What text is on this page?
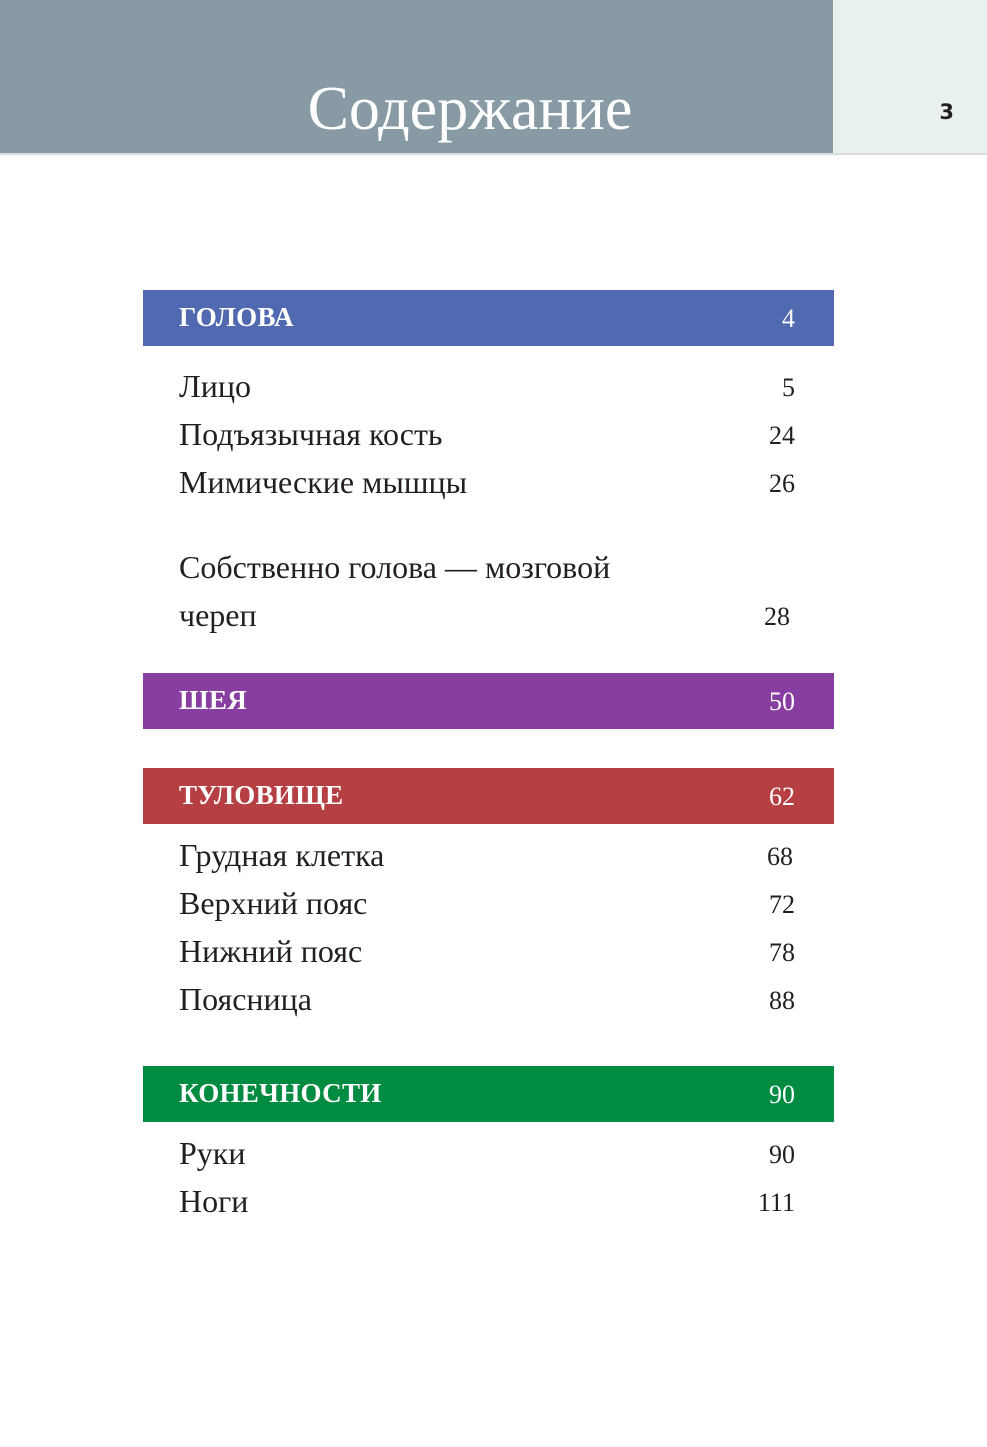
Содержание	3
ГОЛОВА	4
Лицо	5
Подъязычная кость	24
Мимические мышцы	26
Собственно голова — мозговой
череп	28
ШЕЯ	50
ТУЛОВИЩЕ	62
Грудная клетка	68
Верхний пояс	72
Нижний пояс	78
Поясница	88
КОНЕЧНОСТИ	90
Руки	90
Ноги	111
